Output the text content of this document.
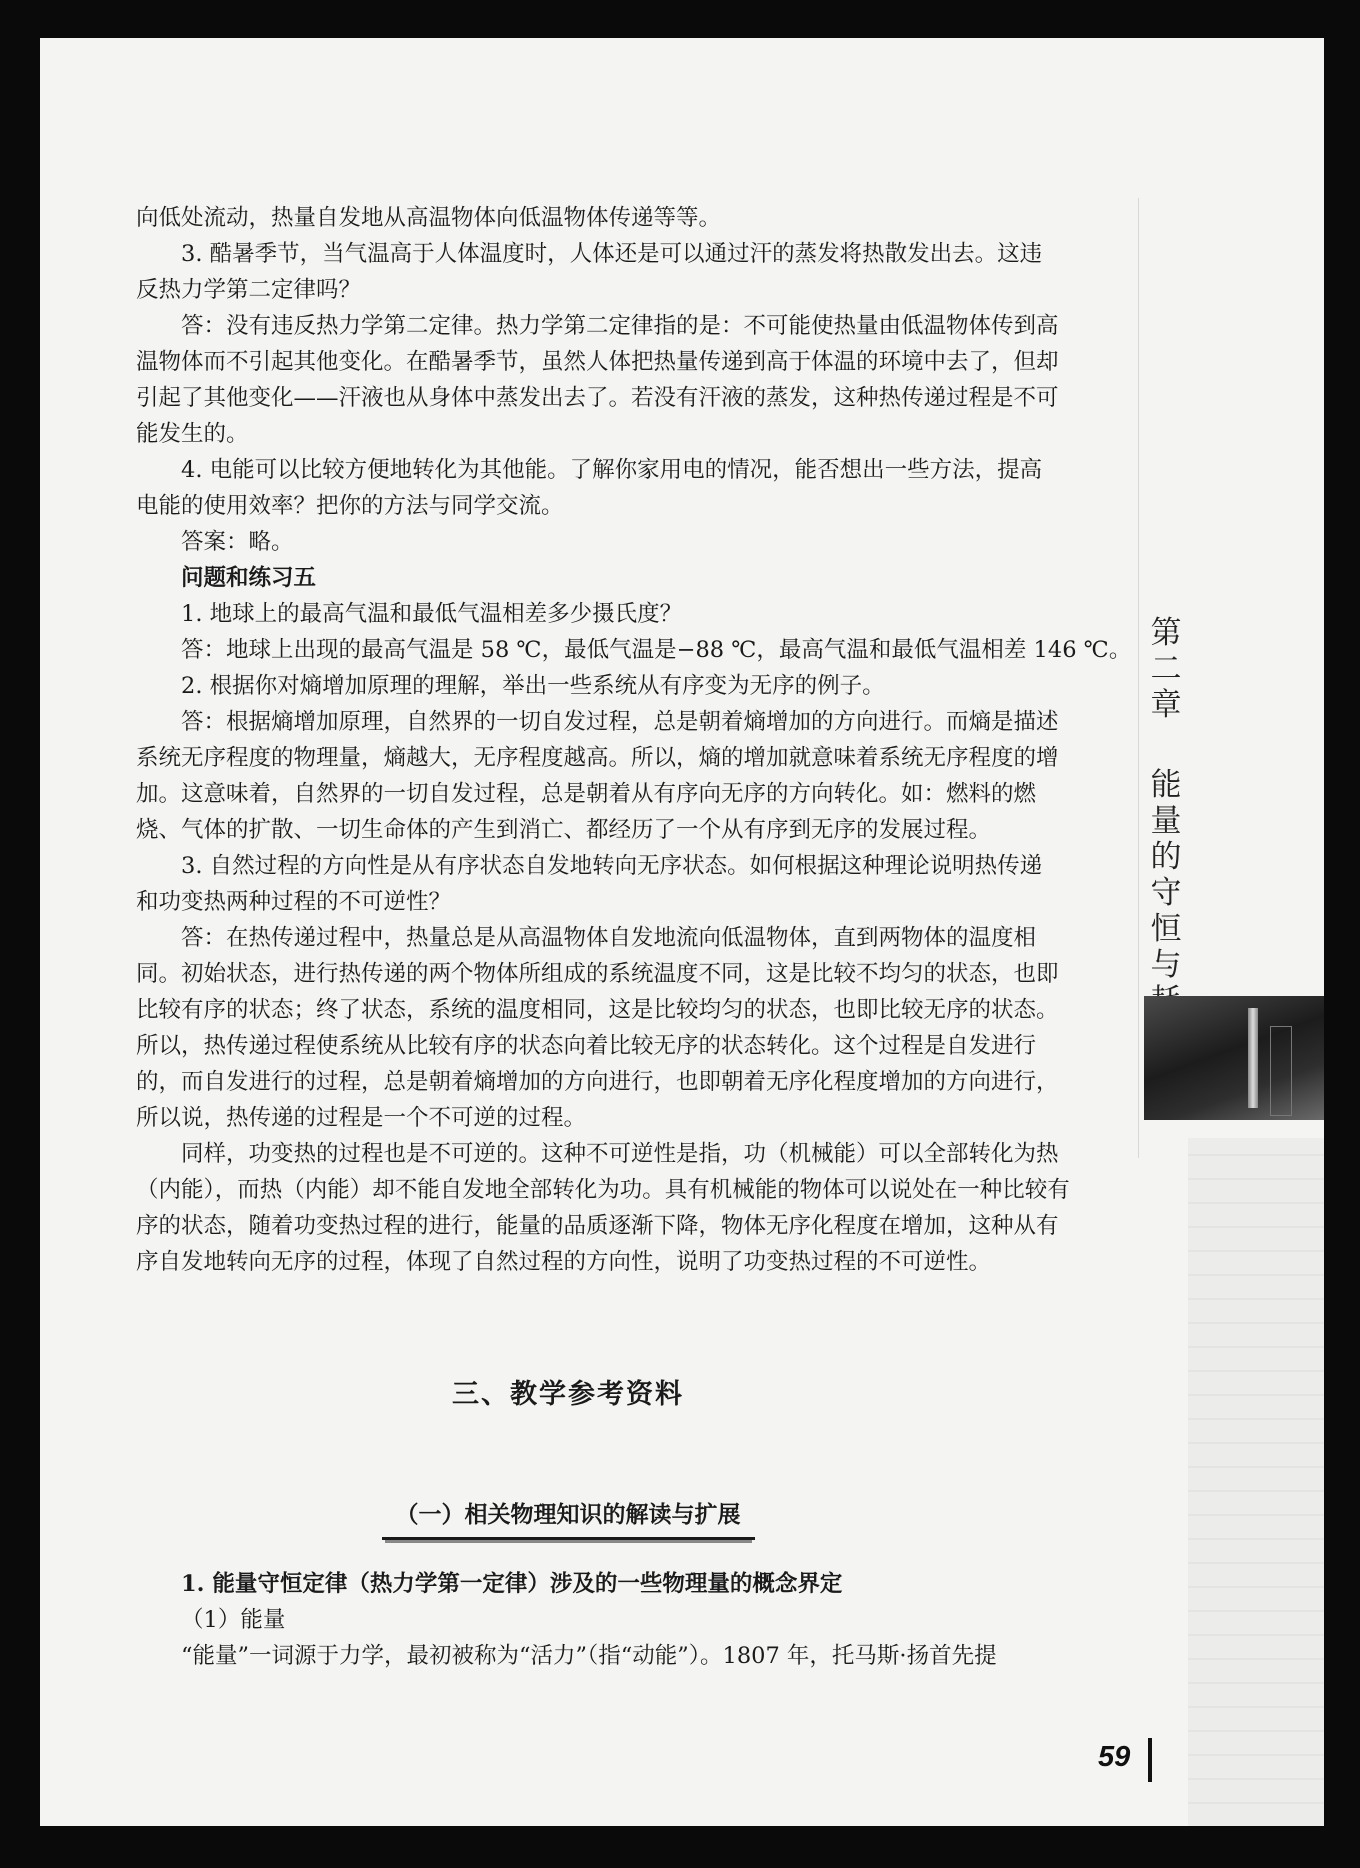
向低处流动，热量自发地从高温物体向低温物体传递等等。

3. 酷暑季节，当气温高于人体温度时，人体还是可以通过汗的蒸发将热散发出去。这违

反热力学第二定律吗？

答：没有违反热力学第二定律。热力学第二定律指的是：不可能使热量由低温物体传到高

温物体而不引起其他变化。在酷暑季节，虽然人体把热量传递到高于体温的环境中去了，但却

引起了其他变化——汗液也从身体中蒸发出去了。若没有汗液的蒸发，这种热传递过程是不可

能发生的。

4. 电能可以比较方便地转化为其他能。了解你家用电的情况，能否想出一些方法，提高

电能的使用效率？把你的方法与同学交流。

答案：略。

问题和练习五

1. 地球上的最高气温和最低气温相差多少摄氏度？

答：地球上出现的最高气温是 58 ℃，最低气温是−88 ℃，最高气温和最低气温相差 146 ℃。

2. 根据你对熵增加原理的理解，举出一些系统从有序变为无序的例子。

答：根据熵增加原理，自然界的一切自发过程，总是朝着熵增加的方向进行。而熵是描述

系统无序程度的物理量，熵越大，无序程度越高。所以，熵的增加就意味着系统无序程度的增

加。这意味着，自然界的一切自发过程，总是朝着从有序向无序的方向转化。如：燃料的燃

烧、气体的扩散、一切生命体的产生到消亡、都经历了一个从有序到无序的发展过程。

3. 自然过程的方向性是从有序状态自发地转向无序状态。如何根据这种理论说明热传递

和功变热两种过程的不可逆性？

答：在热传递过程中，热量总是从高温物体自发地流向低温物体，直到两物体的温度相

同。初始状态，进行热传递的两个物体所组成的系统温度不同，这是比较不均匀的状态，也即

比较有序的状态；终了状态，系统的温度相同，这是比较均匀的状态，也即比较无序的状态。

所以，热传递过程使系统从比较有序的状态向着比较无序的状态转化。这个过程是自发进行

的，而自发进行的过程，总是朝着熵增加的方向进行，也即朝着无序化程度增加的方向进行，

所以说，热传递的过程是一个不可逆的过程。

同样，功变热的过程也是不可逆的。这种不可逆性是指，功（机械能）可以全部转化为热

（内能），而热（内能）却不能自发地全部转化为功。具有机械能的物体可以说处在一种比较有

序的状态，随着功变热过程的进行，能量的品质逐渐下降，物体无序化程度在增加，这种从有

序自发地转向无序的过程，体现了自然过程的方向性，说明了功变热过程的不可逆性。

三、教学参考资料
（一）相关物理知识的解读与扩展

1. 能量守恒定律（热力学第一定律）涉及的一些物理量的概念界定

（1）能量

“能量”一词源于力学，最初被称为“活力”（指“动能”）。1807 年，托马斯·扬首先提

第
二
章
能
量
的
守
恒
与
59
